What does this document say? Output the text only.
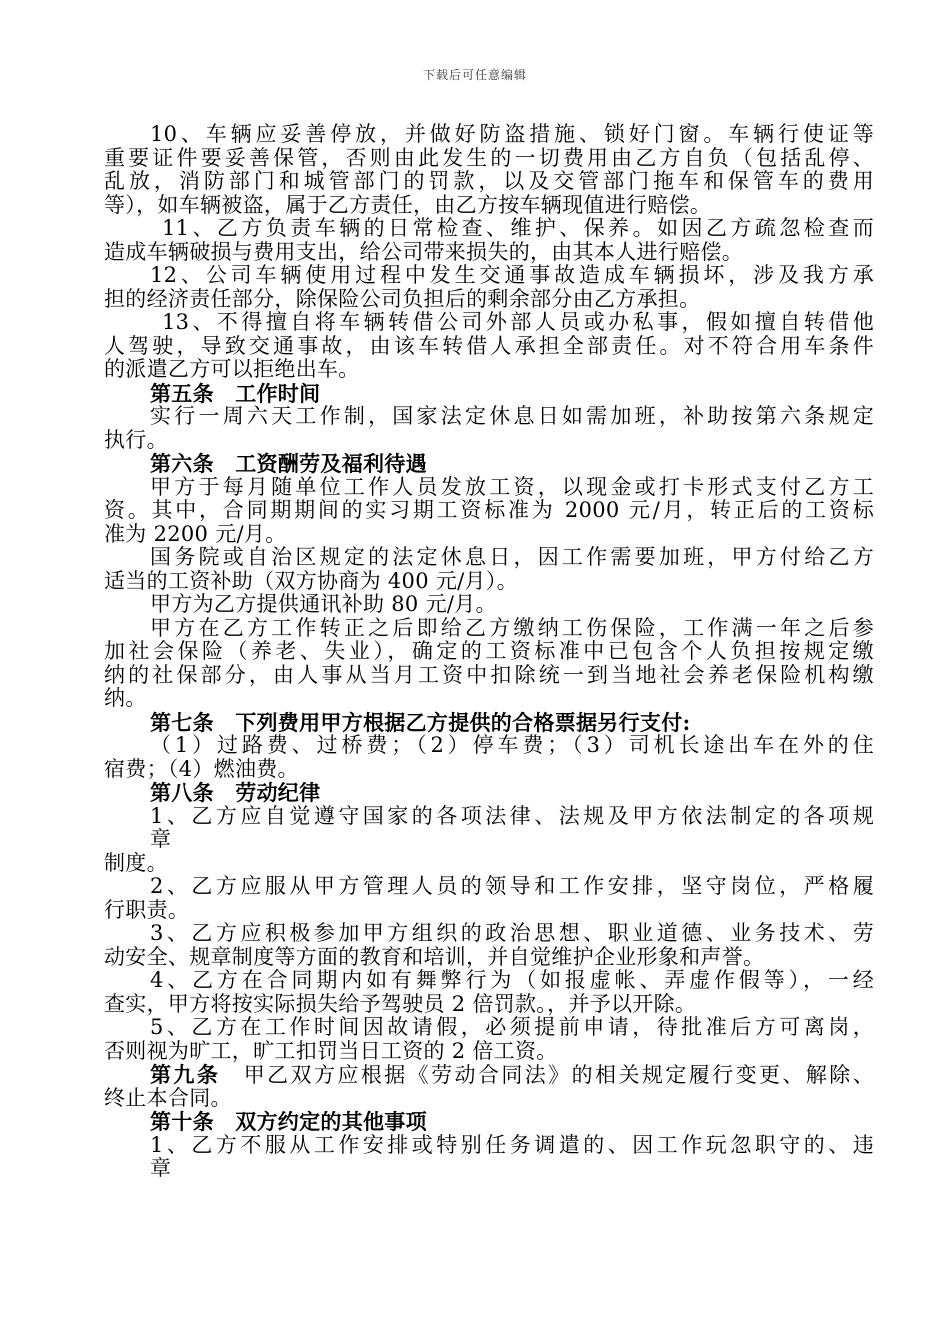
下载后可任意编辑
10、车辆应妥善停放，并做好防盗措施、锁好门窗。车辆行使证等
重要证件要妥善保管，否则由此发生的一切费用由乙方自负（包括乱停、
乱放，消防部门和城管部门的罚款，以及交管部门拖车和保管车的费用
等），如车辆被盗，属于乙方责任，由乙方按车辆现值进行赔偿。
11、乙方负责车辆的日常检查、维护、保养。如因乙方疏忽检查而
造成车辆破损与费用支出，给公司带来损失的，由其本人进行赔偿。
12、公司车辆使用过程中发生交通事故造成车辆损坏，涉及我方承
担的经济责任部分，除保险公司负担后的剩余部分由乙方承担。
13、不得擅自将车辆转借公司外部人员或办私事，假如擅自转借他
人驾驶，导致交通事故，由该车转借人承担全部责任。对不符合用车条件
的派遣乙方可以拒绝出车。
第五条　工作时间
实行一周六天工作制，国家法定休息日如需加班，补助按第六条规定
执行。
第六条　工资酬劳及福利待遇
甲方于每月随单位工作人员发放工资，以现金或打卡形式支付乙方工
资。其中，合同期期间的实习期工资标准为 2000 元/月，转正后的工资标
准为 2200 元/月。
国务院或自治区规定的法定休息日，因工作需要加班，甲方付给乙方
适当的工资补助（双方协商为 400 元/月）。
甲方为乙方提供通讯补助 80 元/月。
甲方在乙方工作转正之后即给乙方缴纳工伤保险，工作满一年之后参
加社会保险（养老、失业），确定的工资标准中已包含个人负担按规定缴
纳的社保部分，由人事从当月工资中扣除统一到当地社会养老保险机构缴
纳。
第七条　下列费用甲方根据乙方提供的合格票据另行支付:
（1）过路费、过桥费；（2）停车费；（3）司机长途出车在外的住
宿费；（4）燃油费。
第八条　劳动纪律
1、乙方应自觉遵守国家的各项法律、法规及甲方依法制定的各项规
章
制度。
2、乙方应服从甲方管理人员的领导和工作安排，坚守岗位，严格履
行职责。
3、乙方应积极参加甲方组织的政治思想、职业道德、业务技术、劳
动安全、规章制度等方面的教育和培训，并自觉维护企业形象和声誉。
4、乙方在合同期内如有舞弊行为（如报虚帐、弄虚作假等），一经
查实，甲方将按实际损失给予驾驶员 2 倍罚款。，并予以开除。
5、乙方在工作时间因故请假，必须提前申请，待批准后方可离岗，
否则视为旷工，旷工扣罚当日工资的 2 倍工资。
第九条　甲乙双方应根据《劳动合同法》的相关规定履行变更、解除、
终止本合同。
第十条　双方约定的其他事项
1、乙方不服从工作安排或特别任务调遣的、因工作玩忽职守的、违
章
